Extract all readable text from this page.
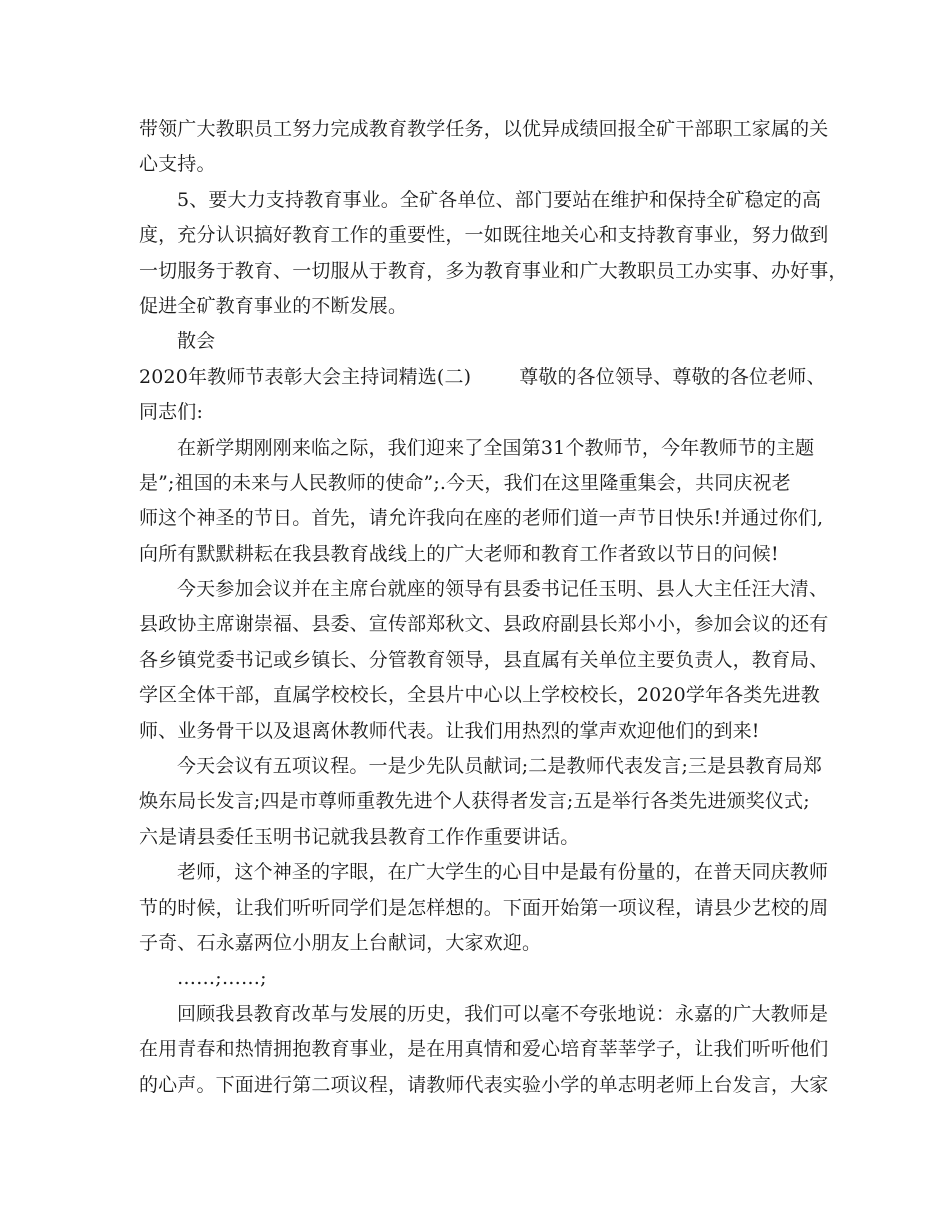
带领广大教职员工努力完成教育教学任务，以优异成绩回报全矿干部职工家属的关
心支持。
5、要大力支持教育事业。全矿各单位、部门要站在维护和保持全矿稳定的高
度，充分认识搞好教育工作的重要性，一如既往地关心和支持教育事业，努力做到
一切服务于教育、一切服从于教育，多为教育事业和广大教职员工办实事、办好事，
促进全矿教育事业的不断发展。
散会
2020年教师节表彰大会主持词精选(二)	尊敬的各位领导、尊敬的各位老师、
同志们:
在新学期刚刚来临之际，我们迎来了全国第31个教师节，今年教师节的主题
是”;祖国的未来与人民教师的使命”;.今天，我们在这里隆重集会，共同庆祝老
师这个神圣的节日。首先，请允许我向在座的老师们道一声节日快乐!并通过你们,
向所有默默耕耘在我县教育战线上的广大老师和教育工作者致以节日的问候!
今天参加会议并在主席台就座的领导有县委书记任玉明、县人大主任汪大清、
县政协主席谢崇福、县委、宣传部郑秋文、县政府副县长郑小小，参加会议的还有
各乡镇党委书记或乡镇长、分管教育领导，县直属有关单位主要负责人，教育局、
学区全体干部，直属学校校长，全县片中心以上学校校长，2020学年各类先进教
师、业务骨干以及退离休教师代表。让我们用热烈的掌声欢迎他们的到来!
今天会议有五项议程。一是少先队员献词;二是教师代表发言;三是县教育局郑
焕东局长发言;四是市尊师重教先进个人获得者发言;五是举行各类先进颁奖仪式;
六是请县委任玉明书记就我县教育工作作重要讲话。
老师，这个神圣的字眼，在广大学生的心目中是最有份量的，在普天同庆教师
节的时候，让我们听听同学们是怎样想的。下面开始第一项议程，请县少艺校的周
子奇、石永嘉两位小朋友上台献词，大家欢迎。
……;……;
回顾我县教育改革与发展的历史，我们可以毫不夸张地说：永嘉的广大教师是
在用青春和热情拥抱教育事业，是在用真情和爱心培育莘莘学子，让我们听听他们
的心声。下面进行第二项议程，请教师代表实验小学的单志明老师上台发言，大家
